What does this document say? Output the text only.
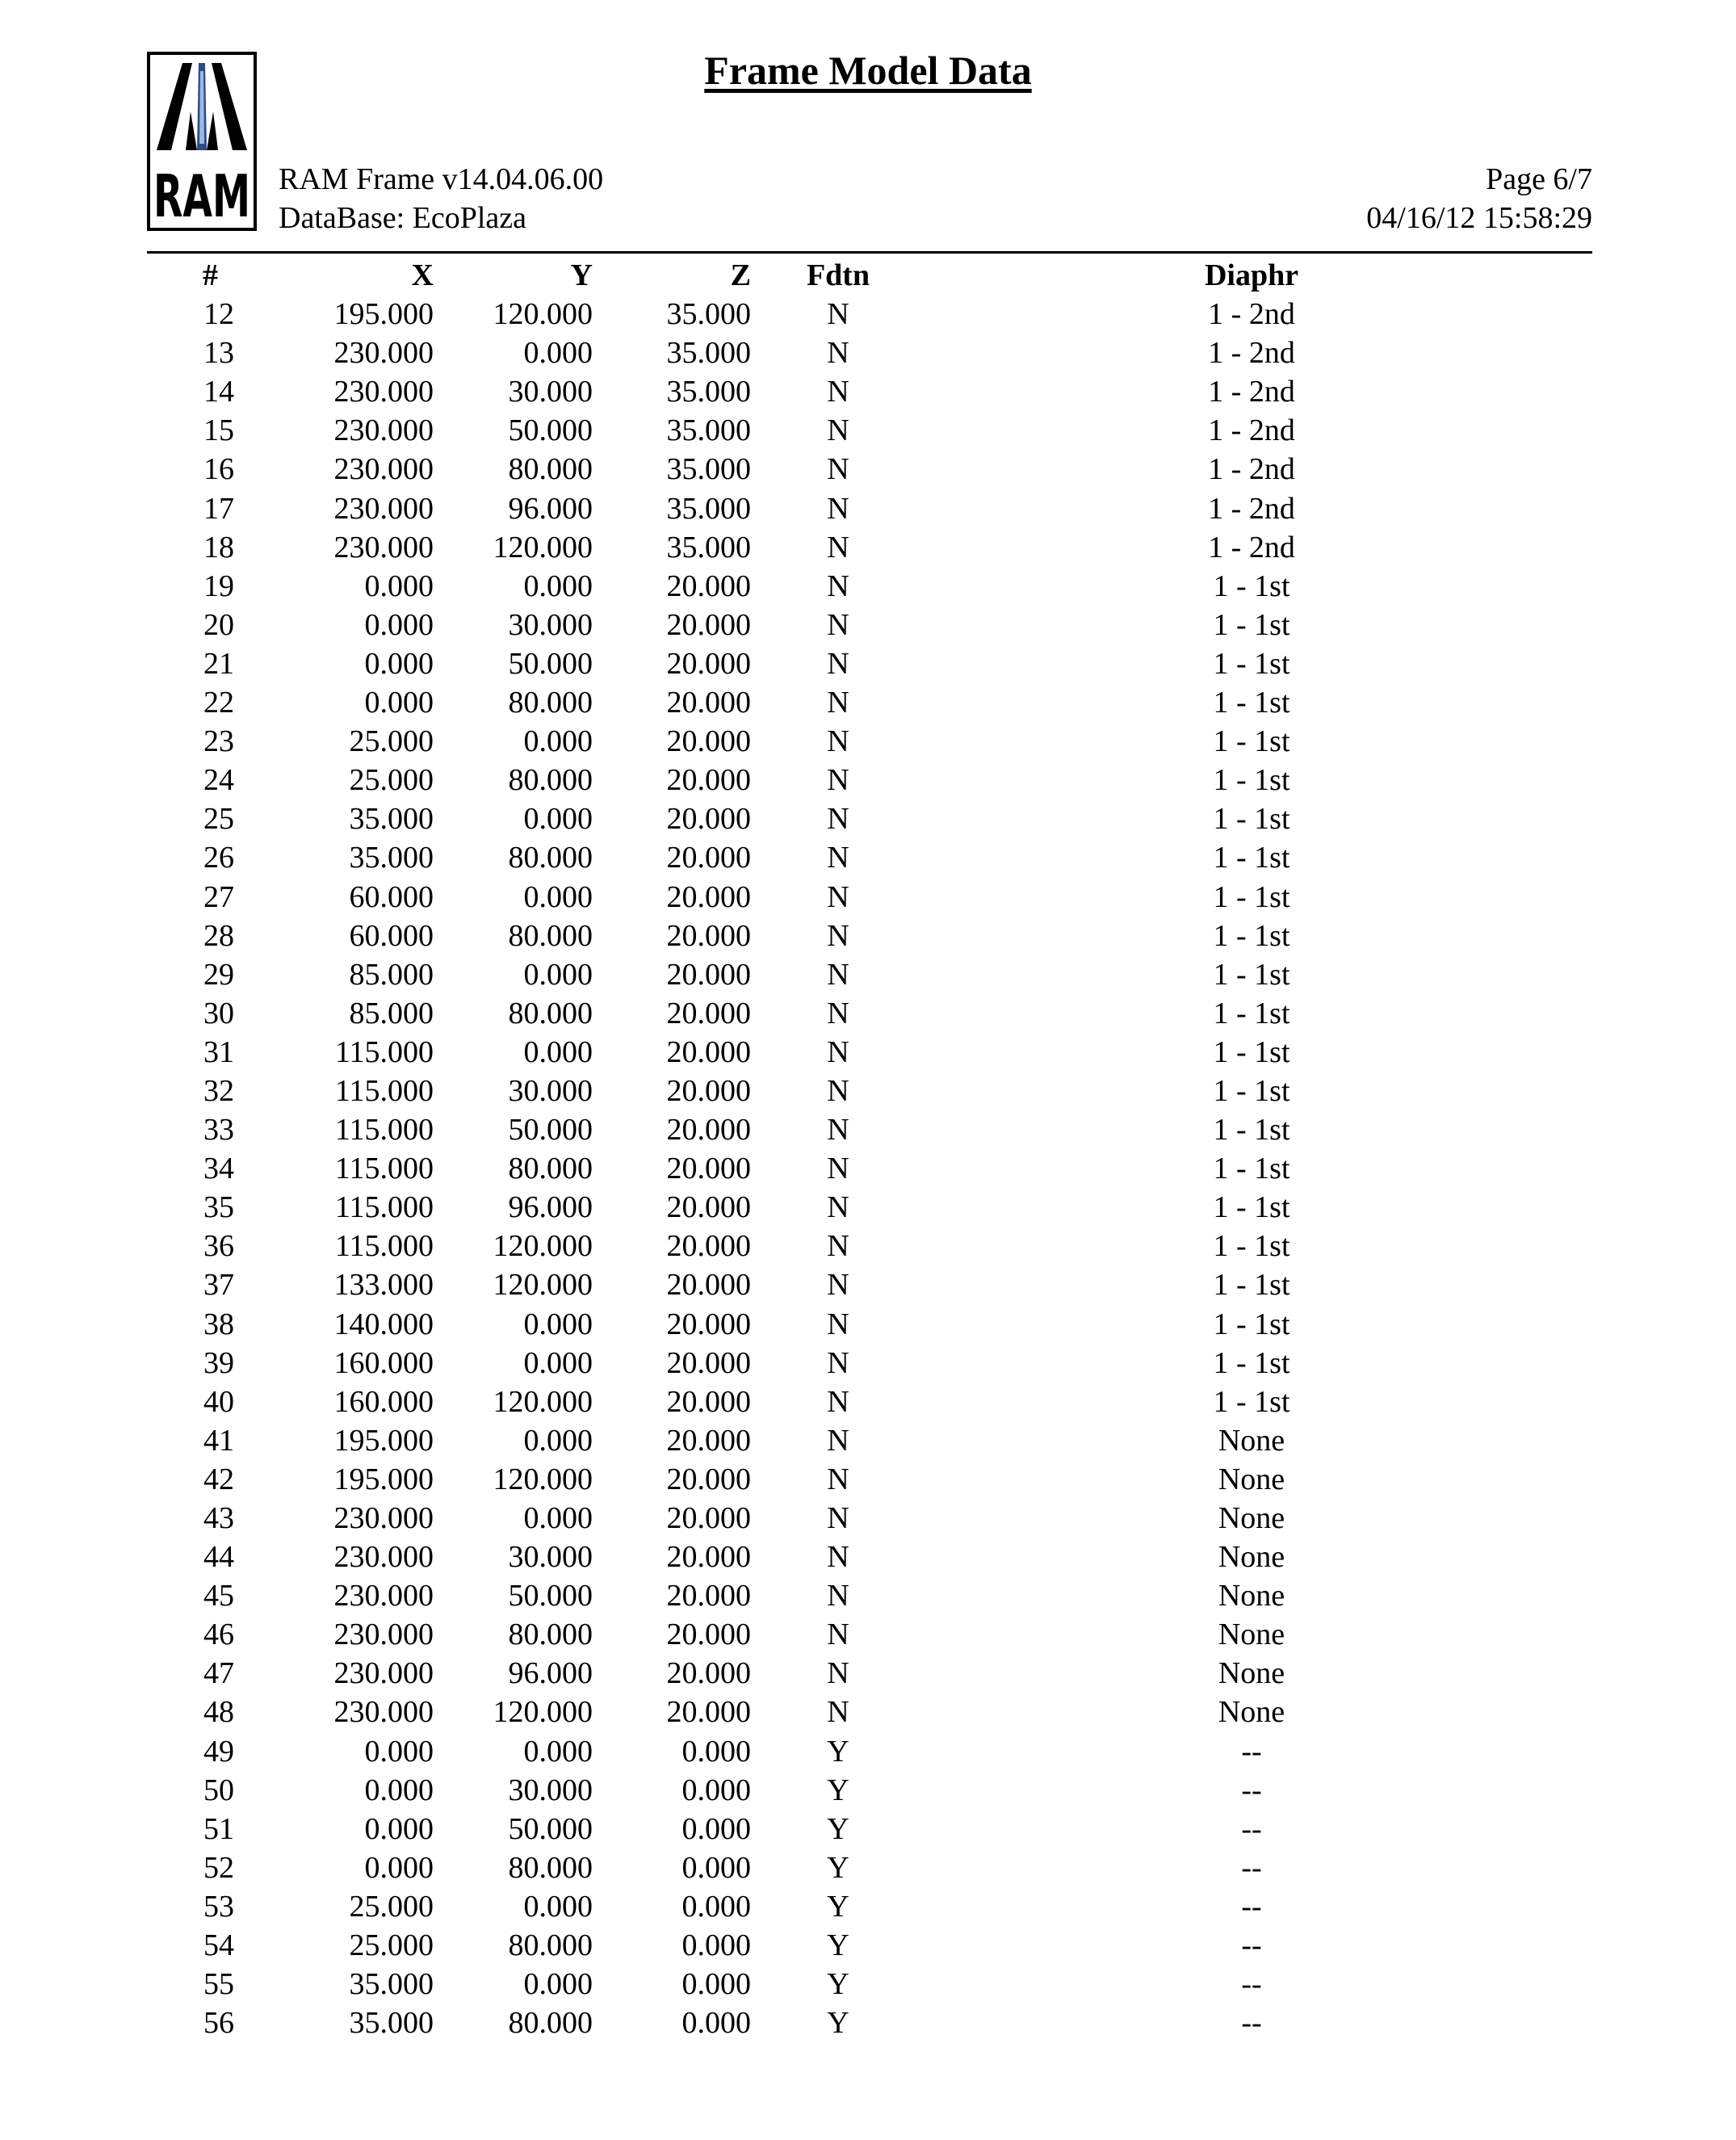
RAM
Frame Model Data
RAM Frame v14.04.06.00
DataBase: EcoPlaza
Page 6/7
04/16/12 15:58:29
#	X	Y	Z Fdtn	Diaphr
12	195.000 120.000 35.000 N	1 - 2nd
13	230.000	0.000 35.000 N	1 - 2nd
14	230.000 30.000 35.000 N	1 - 2nd
15	230.000 50.000 35.000 N	1 - 2nd
16	230.000 80.000 35.000 N	1 - 2nd
17	230.000 96.000 35.000 N	1 - 2nd
18	230.000 120.000 35.000 N	1 - 2nd
19	0.000	0.000 20.000 N	1 - 1st
20	0.000 30.000 20.000 N	1 - 1st
21	0.000 50.000 20.000 N	1 - 1st
22	0.000 80.000 20.000 N	1 - 1st
23	25.000	0.000 20.000 N	1 - 1st
24	25.000 80.000 20.000 N	1 - 1st
25	35.000	0.000 20.000 N	1 - 1st
26	35.000 80.000 20.000 N	1 - 1st
27	60.000	0.000 20.000 N	1 - 1st
28	60.000 80.000 20.000 N	1 - 1st
29	85.000	0.000 20.000 N	1 - 1st
30	85.000 80.000 20.000 N	1 - 1st
31	115.000	0.000 20.000 N	1 - 1st
32	115.000 30.000 20.000 N	1 - 1st
33	115.000 50.000 20.000 N	1 - 1st
34	115.000 80.000 20.000 N	1 - 1st
35	115.000 96.000 20.000 N	1 - 1st
36	115.000 120.000 20.000 N	1 - 1st
37	133.000 120.000 20.000 N	1 - 1st
38	140.000	0.000 20.000 N	1 - 1st
39	160.000	0.000 20.000 N	1 - 1st
40	160.000 120.000 20.000 N	1 - 1st
41	195.000	0.000 20.000 N	None
42	195.000 120.000 20.000 N	None
43	230.000	0.000 20.000 N	None
44	230.000 30.000 20.000 N	None
45	230.000 50.000 20.000 N	None
46	230.000 80.000 20.000 N	None
47	230.000 96.000 20.000 N	None
48	230.000 120.000 20.000 N	None
49	0.000	0.000	0.000 Y	--
50	0.000 30.000	0.000 Y	--
51	0.000 50.000	0.000 Y	--
52	0.000 80.000	0.000 Y	--
53	25.000	0.000	0.000 Y	--
54	25.000 80.000	0.000 Y	--
55	35.000	0.000	0.000 Y	--
56	35.000 80.000	0.000 Y	--
